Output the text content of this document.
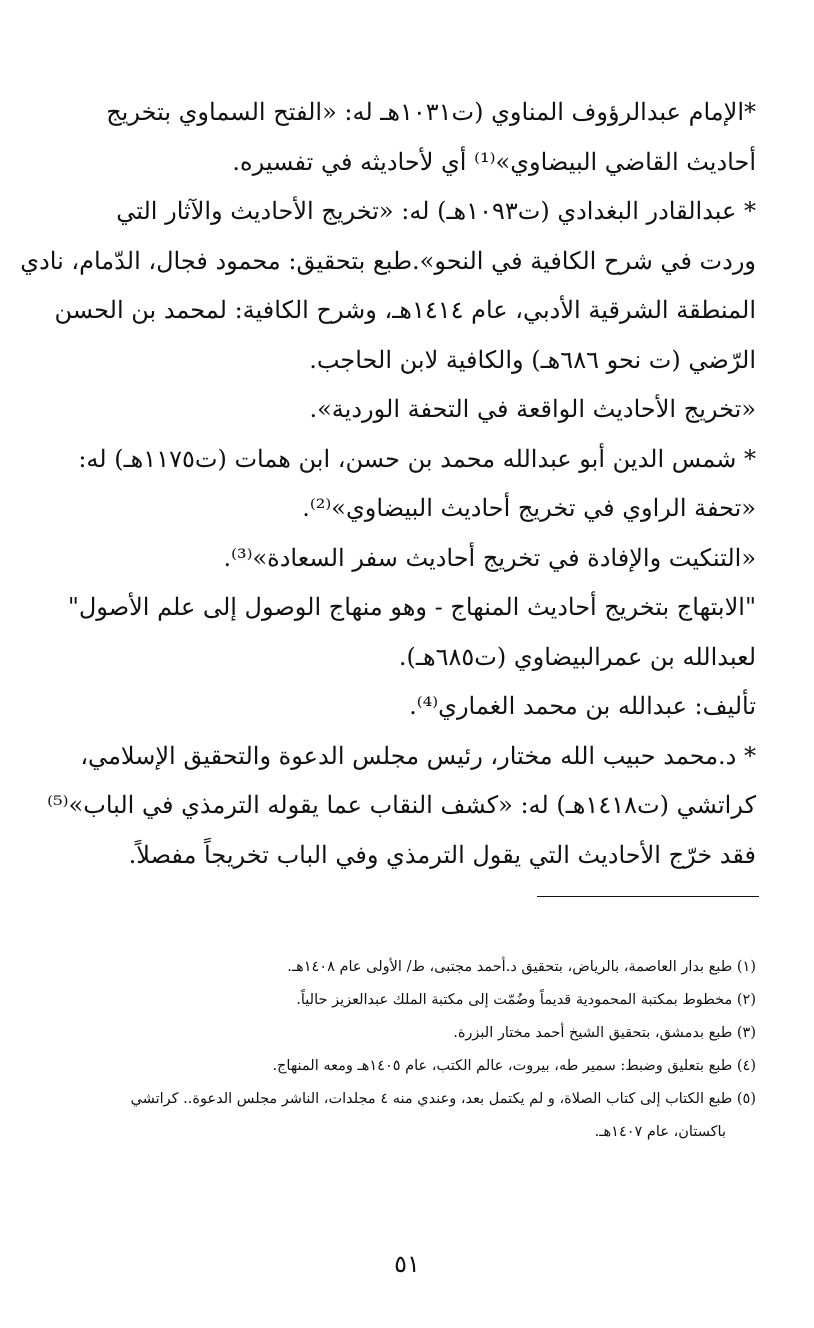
*الإمام عبدالرؤوف المناوي (ت١٠٣١هـ له: «الفتح السماوي بتخريج
أحاديث القاضي البيضاوي»⁽¹⁾ أي لأحاديثه في تفسيره.
* عبدالقادر البغدادي (ت١٠٩٣هـ) له: «تخريج الأحاديث والآثار التي
وردت في شرح الكافية في النحو».طبع بتحقيق: محمود فجال، الدّمام، نادي
المنطقة الشرقية الأدبي، عام ١٤١٤هـ، وشرح الكافية: لمحمد بن الحسن
الرّضي (ت نحو ٦٨٦هـ) والكافية لابن الحاجب.
«تخريج الأحاديث الواقعة في التحفة الوردية».
* شمس الدين أبو عبدالله محمد بن حسن، ابن همات (ت١١٧٥هـ) له:
«تحفة الراوي في تخريج أحاديث البيضاوي»⁽²⁾.
«التنكيت والإفادة في تخريج أحاديث سفر السعادة»⁽³⁾.
"الابتهاج بتخريج أحاديث المنهاج - وهو منهاج الوصول إلى علم الأصول"
لعبدالله بن عمرالبيضاوي (ت٦٨٥هـ).
تأليف: عبدالله بن محمد الغماري⁽⁴⁾.
* د.محمد حبيب الله مختار، رئيس مجلس الدعوة والتحقيق الإسلامي،
كراتشي (ت١٤١٨هـ) له: «كشف النقاب عما يقوله الترمذي في الباب»⁽⁵⁾
فقد خرّج الأحاديث التي يقول الترمذي وفي الباب تخريجاً مفصلاً.
(١) طبع بدار العاصمة، بالرياض، بتحقيق د.أحمد مجتبى، ط/ الأولى عام ١٤٠٨هـ.
(٢) مخطوط بمكتبة المحمودية قديماً وضُمّت إلى مكتبة الملك عبدالعزيز حالياً.
(٣) طبع بدمشق، بتحقيق الشيخ أحمد مختار البزرة.
(٤) طبع بتعليق وضبط: سمير طه، بيروت، عالم الكتب، عام ١٤٠٥هـ ومعه المنهاج.
(٥) طبع الكتاب إلى كتاب الصلاة، و لم يكتمل بعد، وعندي منه ٤ مجلدات، الناشر مجلس الدعوة.. كراتشي
باكستان، عام ١٤٠٧هـ.
٥١
